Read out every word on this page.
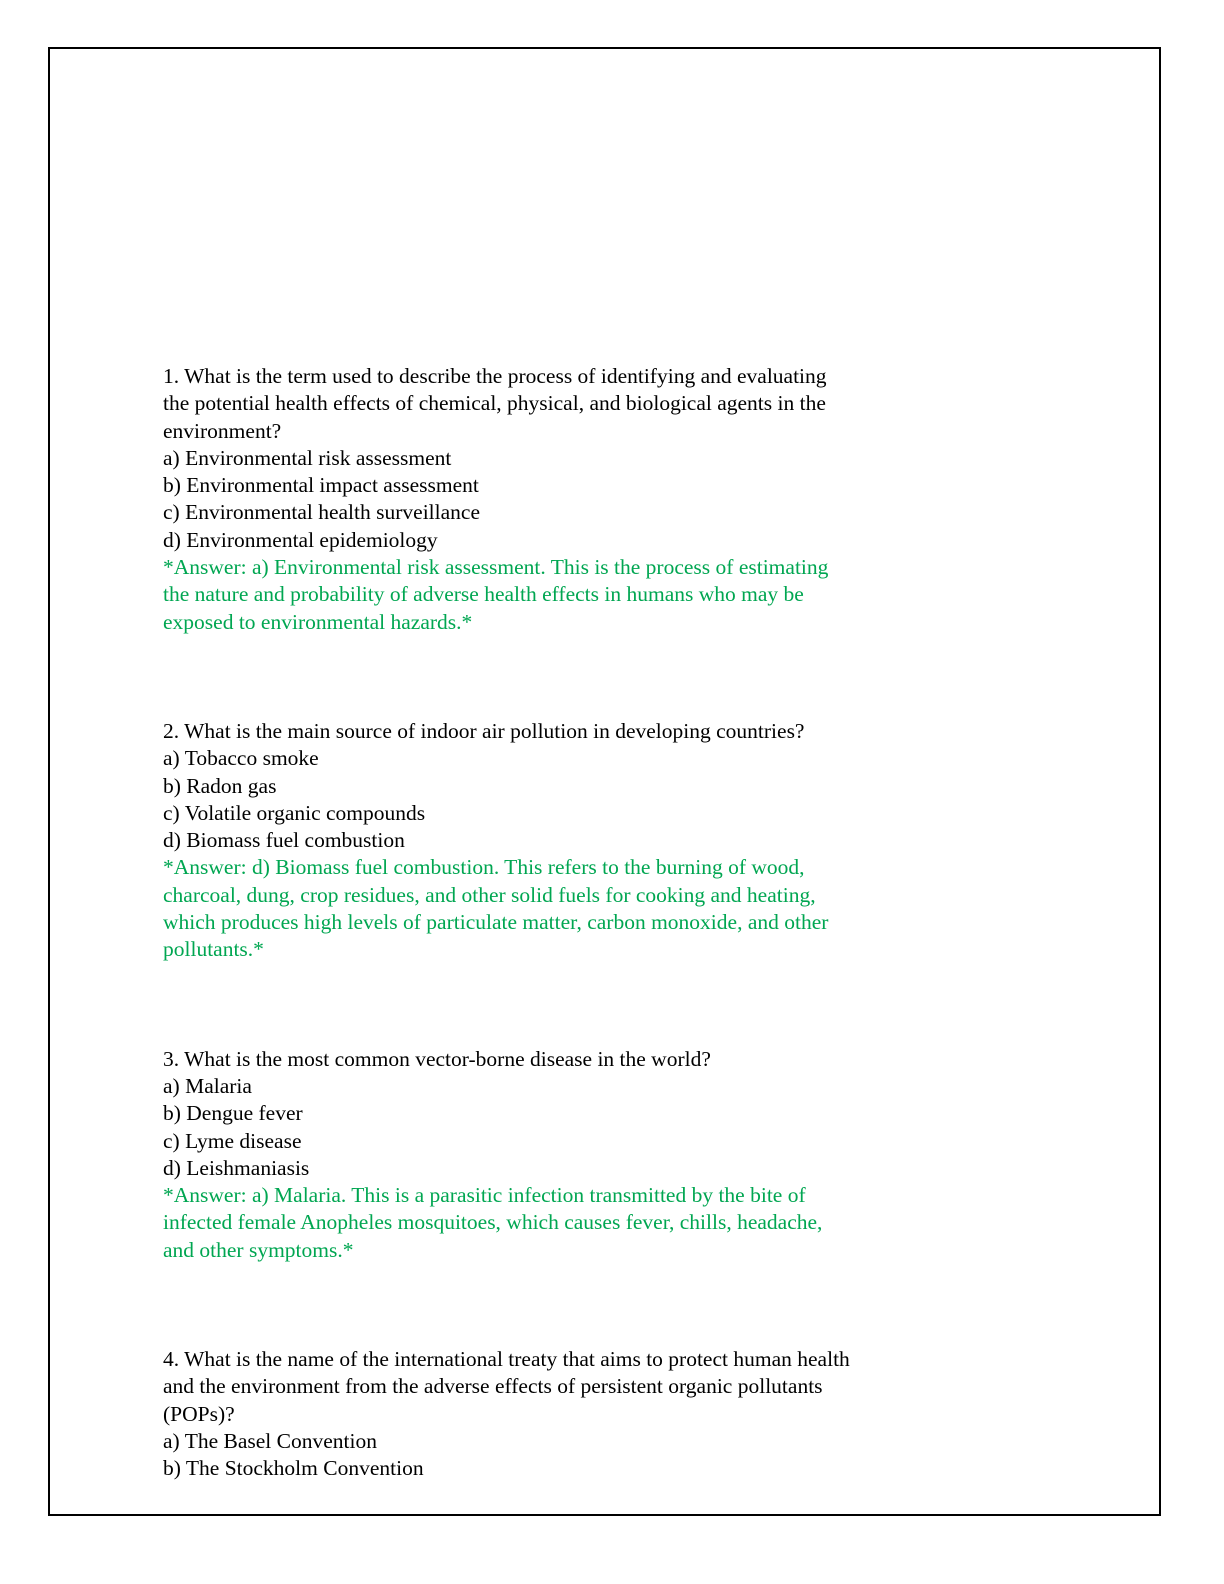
1. What is the term used to describe the process of identifying and evaluating

the potential health effects of chemical, physical, and biological agents in the

environment?

a) Environmental risk assessment

b) Environmental impact assessment

c) Environmental health surveillance

d) Environmental epidemiology

*Answer: a) Environmental risk assessment. This is the process of estimating

the nature and probability of adverse health effects in humans who may be

exposed to environmental hazards.*

2. What is the main source of indoor air pollution in developing countries?

a) Tobacco smoke

b) Radon gas

c) Volatile organic compounds

d) Biomass fuel combustion

*Answer: d) Biomass fuel combustion. This refers to the burning of wood,

charcoal, dung, crop residues, and other solid fuels for cooking and heating,

which produces high levels of particulate matter, carbon monoxide, and other

pollutants.*

3. What is the most common vector-borne disease in the world?

a) Malaria

b) Dengue fever

c) Lyme disease

d) Leishmaniasis

*Answer: a) Malaria. This is a parasitic infection transmitted by the bite of

infected female Anopheles mosquitoes, which causes fever, chills, headache,

and other symptoms.*

4. What is the name of the international treaty that aims to protect human health

and the environment from the adverse effects of persistent organic pollutants

(POPs)?

a) The Basel Convention

b) The Stockholm Convention
